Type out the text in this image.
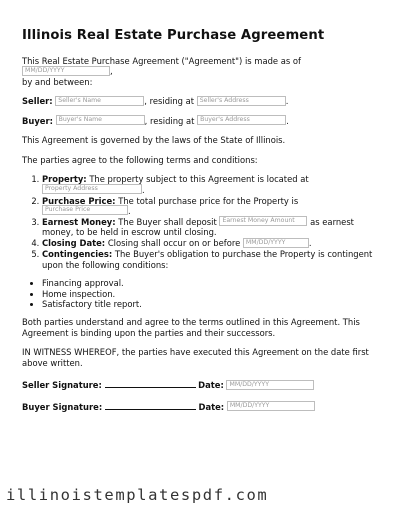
Illinois Real Estate Purchase Agreement

This Real Estate Purchase Agreement ("Agreement") is made as of MM/DD/YYYY	,
by and between:

Seller: Seller's Name	, residing at Seller's Address	.

Buyer: Buyer's Name	, residing at Buyer's Address	.

This Agreement is governed by the laws of the State of Illinois.

The parties agree to the following terms and conditions:

1. Property: The property subject to this Agreement is located at
Property Address	.
2. Purchase Price: The total purchase price for the Property is Purchase Price	.
3. Earnest Money: The Buyer shall deposit Earnest Money Amount as earnest money, to be held in escrow until closing.
4. Closing Date: Closing shall occur on or before MM/DD/YYYY	.
5. Contingencies: The Buyer's obligation to purchase the Property is contingent upon the following conditions:
• Financing approval.
• Home inspection.
• Satisfactory title report.

Both parties understand and agree to the terms outlined in this Agreement. This Agreement is binding upon the parties and their successors.

IN WITNESS WHEREOF, the parties have executed this Agreement on the date first above written.

Seller Signature:	Date: MM/DD/YYYY
Buyer Signature:	Date: MM/DD/YYYY
illinoistemplatespdf.com
